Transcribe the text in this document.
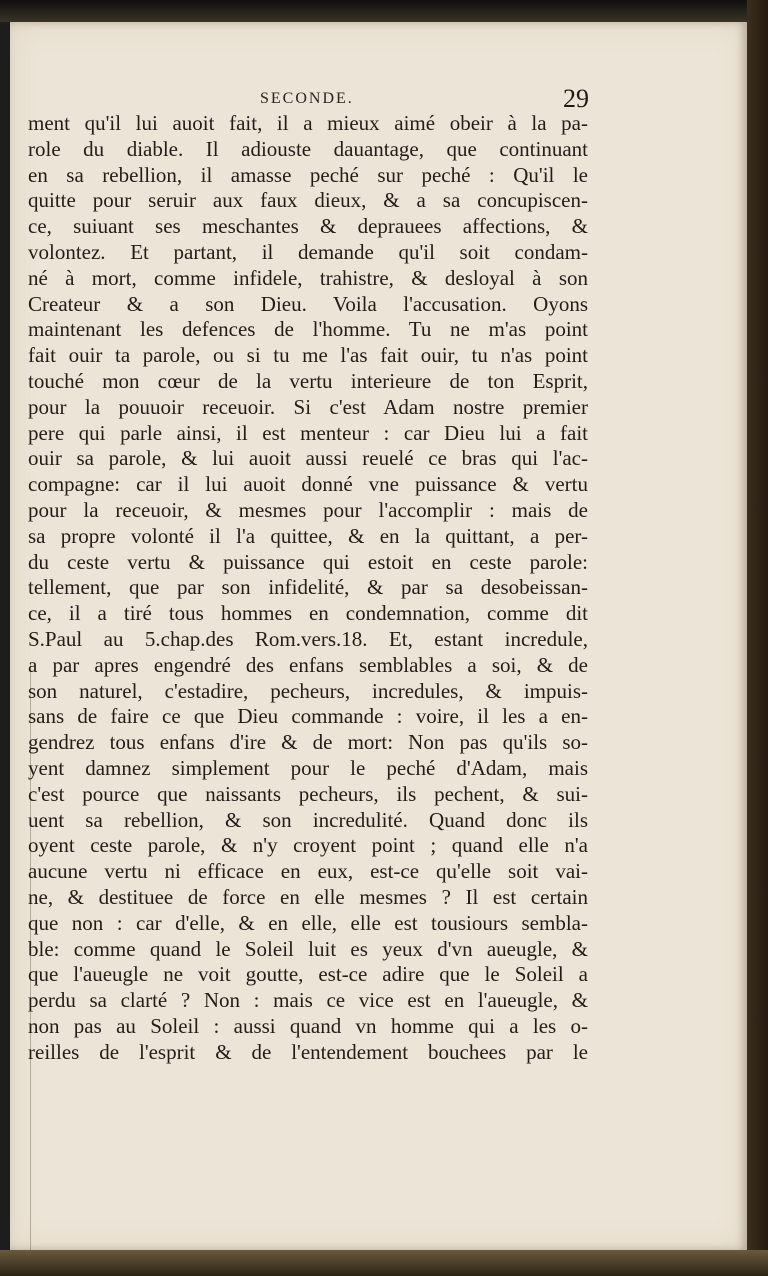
SECONDE.	29
ment qu'il lui auoit fait, il a mieux aimé obeir à la pa-
role du diable. Il adiouste dauantage, que continuant
en sa rebellion, il amasse peché sur peché : Qu'il le
quitte pour seruir aux faux dieux, & a sa concupiscen-
ce, suiuant ses meschantes & deprauees affections, &
volontez. Et partant, il demande qu'il soit condam-
né à mort, comme infidele, trahistre, & desloyal à son
Createur & a son Dieu. Voila l'accusation. Oyons
maintenant les defences de l'homme. Tu ne m'as point
fait ouir ta parole, ou si tu me l'as fait ouir, tu n'as point
touché mon cœur de la vertu interieure de ton Esprit,
pour la pouuoir receuoir. Si c'est Adam nostre premier
pere qui parle ainsi, il est menteur : car Dieu lui a fait
ouir sa parole, & lui auoit aussi reuelé ce bras qui l'ac-
compagne: car il lui auoit donné vne puissance & vertu
pour la receuoir, & mesmes pour l'accomplir : mais de
sa propre volonté il l'a quittee, & en la quittant, a per-
du ceste vertu & puissance qui estoit en ceste parole:
tellement, que par son infidelité, & par sa desobeissan-
ce, il a tiré tous hommes en condemnation, comme dit
S.Paul au 5.chap.des Rom.vers.18. Et, estant incredule,
a par apres engendré des enfans semblables a soi, & de
son naturel, c'estadire, pecheurs, incredules, & impuis-
sans de faire ce que Dieu commande : voire, il les a en-
gendrez tous enfans d'ire & de mort: Non pas qu'ils so-
yent damnez simplement pour le peché d'Adam, mais
c'est pource que naissants pecheurs, ils pechent, & sui-
uent sa rebellion, & son incredulité. Quand donc ils
oyent ceste parole, & n'y croyent point ; quand elle n'a
aucune vertu ni efficace en eux, est-ce qu'elle soit vai-
ne, & destituee de force en elle mesmes ? Il est certain
que non : car d'elle, & en elle, elle est tousiours sembla-
ble: comme quand le Soleil luit es yeux d'vn aueugle, &
que l'aueugle ne voit goutte, est-ce adire que le Soleil a
perdu sa clarté ? Non : mais ce vice est en l'aueugle, &
non pas au Soleil : aussi quand vn homme qui a les o-
reilles de l'esprit & de l'entendement bouchees par le
